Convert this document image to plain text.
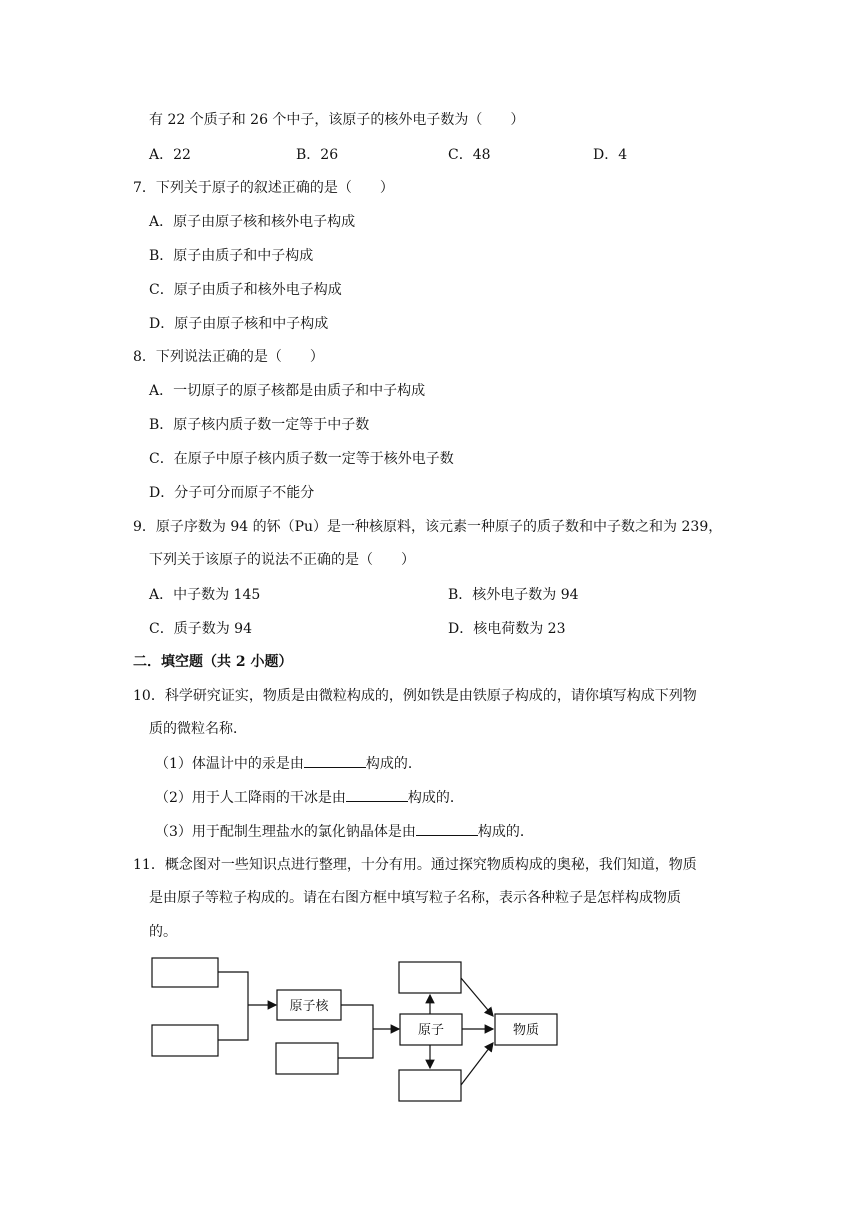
有 22 个质子和 26 个中子，该原子的核外电子数为（　　）
A．22	B．26	C．48	D．4
7．下列关于原子的叙述正确的是（　　）
A．原子由原子核和核外电子构成
B．原子由质子和中子构成
C．原子由质子和核外电子构成
D．原子由原子核和中子构成
8．下列说法正确的是（　　）
A．一切原子的原子核都是由质子和中子构成
B．原子核内质子数一定等于中子数
C．在原子中原子核内质子数一定等于核外电子数
D．分子可分而原子不能分
9．原子序数为 94 的钚（Pu）是一种核原料，该元素一种原子的质子数和中子数之和为 239，
下列关于该原子的说法不正确的是（　　）
A．中子数为 145	B．核外电子数为 94
C．质子数为 94	D．核电荷数为 23
二．填空题（共 2 小题）
10．科学研究证实，物质是由微粒构成的，例如铁是由铁原子构成的，请你填写构成下列物
质的微粒名称．
（1）体温计中的汞是由	构成的．
（2）用于人工降雨的干冰是由	构成的．
（3）用于配制生理盐水的氯化钠晶体是由	构成的．
11．概念图对一些知识点进行整理，十分有用。通过探究物质构成的奥秘，我们知道，物质
是由原子等粒子构成的。请在右图方框中填写粒子名称，表示各种粒子是怎样构成物质
的。
原子核
原子	物质
